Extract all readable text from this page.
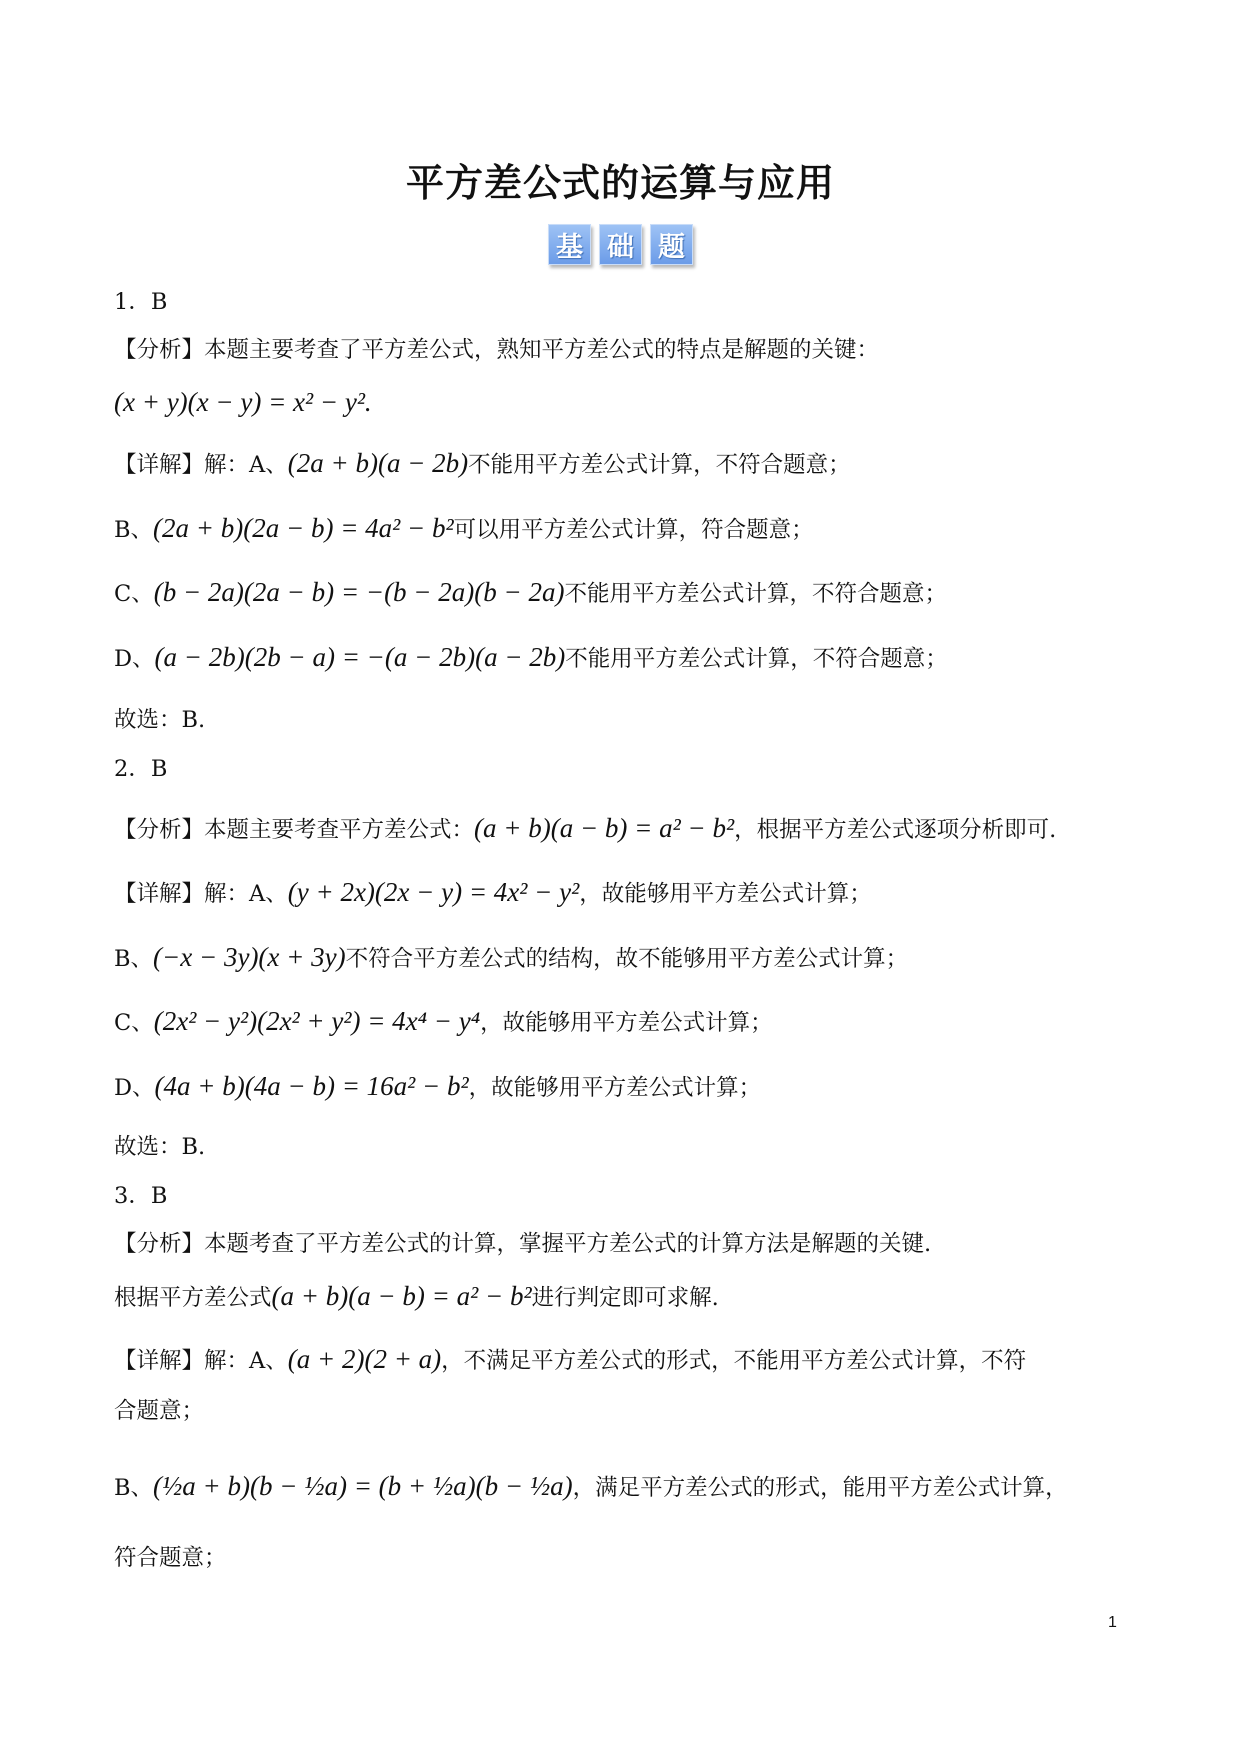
平方差公式的运算与应用
基 础 题
1．B
【分析】本题主要考查了平方差公式，熟知平方差公式的特点是解题的关键：
(x + y)(x − y) = x² − y².
【详解】解：A、(2a + b)(a − 2b)不能用平方差公式计算，不符合题意；
B、(2a + b)(2a − b) = 4a² − b²可以用平方差公式计算，符合题意；
C、(b − 2a)(2a − b) = −(b − 2a)(b − 2a)不能用平方差公式计算，不符合题意；
D、(a − 2b)(2b − a) = −(a − 2b)(a − 2b)不能用平方差公式计算，不符合题意；
故选：B.
2．B
【分析】本题主要考查平方差公式：(a + b)(a − b) = a² − b²，根据平方差公式逐项分析即可.
【详解】解：A、(y + 2x)(2x − y) = 4x² − y²，故能够用平方差公式计算；
B、(−x − 3y)(x + 3y)不符合平方差公式的结构，故不能够用平方差公式计算；
C、(2x² − y²)(2x² + y²) = 4x⁴ − y⁴，故能够用平方差公式计算；
D、(4a + b)(4a − b) = 16a² − b²，故能够用平方差公式计算；
故选：B.
3．B
【分析】本题考查了平方差公式的计算，掌握平方差公式的计算方法是解题的关键.
根据平方差公式(a + b)(a − b) = a² − b²进行判定即可求解.
【详解】解：A、(a + 2)(2 + a)，不满足平方差公式的形式，不能用平方差公式计算，不符
合题意；
B、(½a + b)(b − ½a) = (b + ½a)(b − ½a)，满足平方差公式的形式，能用平方差公式计算，
符合题意；
1
